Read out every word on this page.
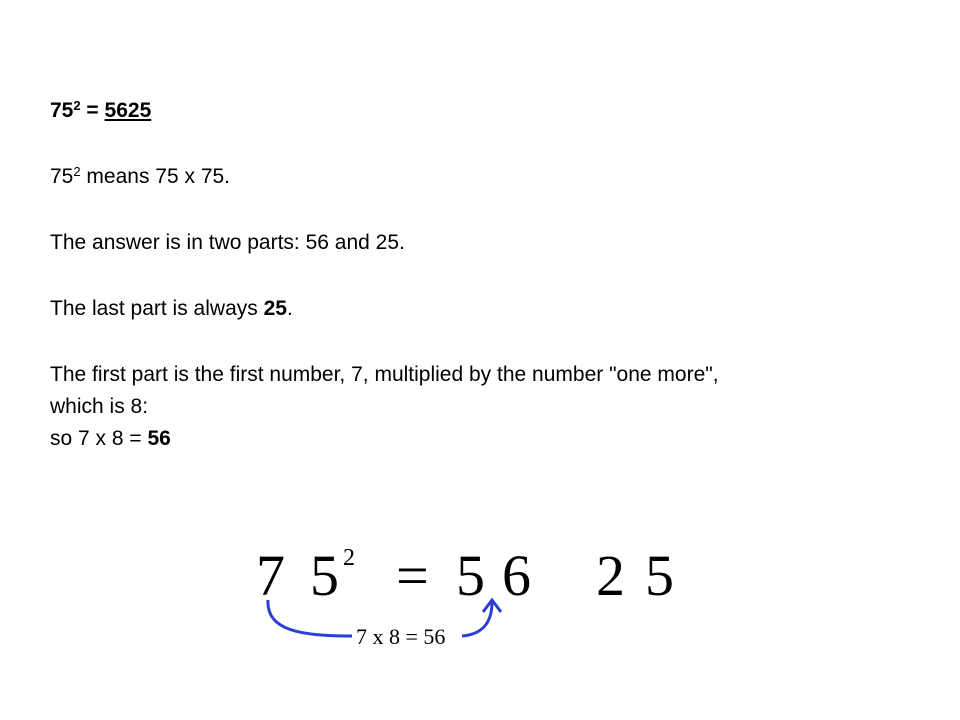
$75^2 = 5625$
$75^2$ means 75 x 75.
The answer is in two parts: 56 and 25.
The last part is always 25.
The first part is the first number, 7, multiplied by the number "one more",
which is 8:
so 7 x 8 = 56
7 5 2 = 5 6 2 5
7 x 8 = 56
